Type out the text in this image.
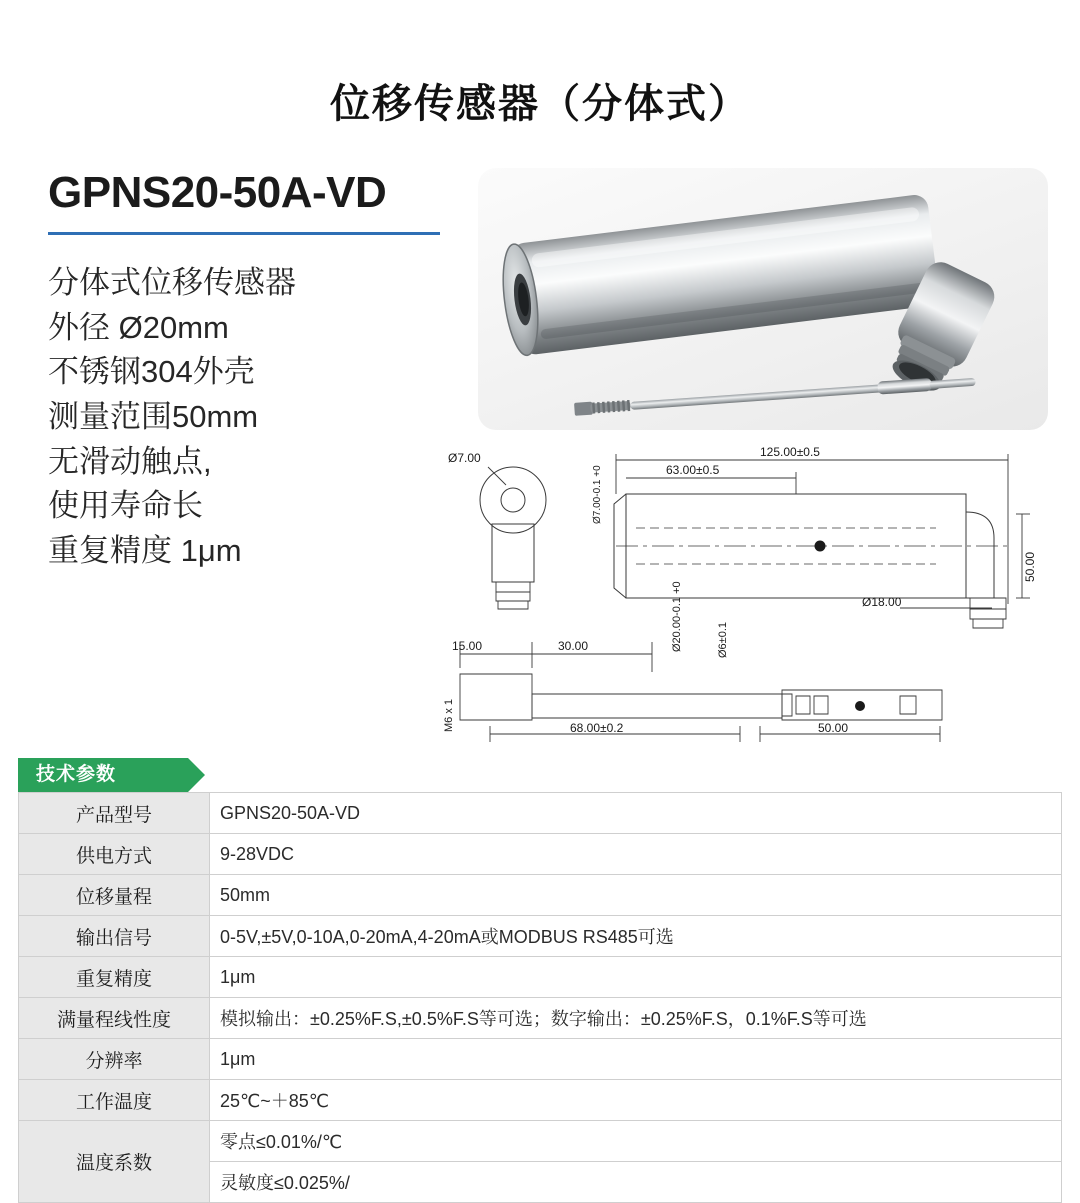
位移传感器（分体式）
GPNS20-50A-VD
分体式位移传感器
外径 Ø20mm
不锈钢304外壳
测量范围50mm
无滑动触点,
使用寿命长
重复精度 1μm
Ø7.00	125.00±0.5
63.00±0.5
Ø18.00
15.00	30.00
68.00±0.2	50.00
50.00
Ø7.00-0.1 +0
Ø20.00-0.1 +0	Ø6±0.1
M6 x 1
技术参数
产品型号	GPNS20-50A-VD
供电方式	9-28VDC
位移量程	50mm
输出信号	0-5V,±5V,0-10A,0-20mA,4-20mA或MODBUS RS485可选
重复精度	1μm
满量程线性度	模拟输出：±0.25%F.S,±0.5%F.S等可选；数字输出：±0.25%F.S，0.1%F.S等可选
分辨率	1μm
工作温度	25℃~＋85℃
温度系数	零点≤0.01%/℃
	灵敏度≤0.025%/
